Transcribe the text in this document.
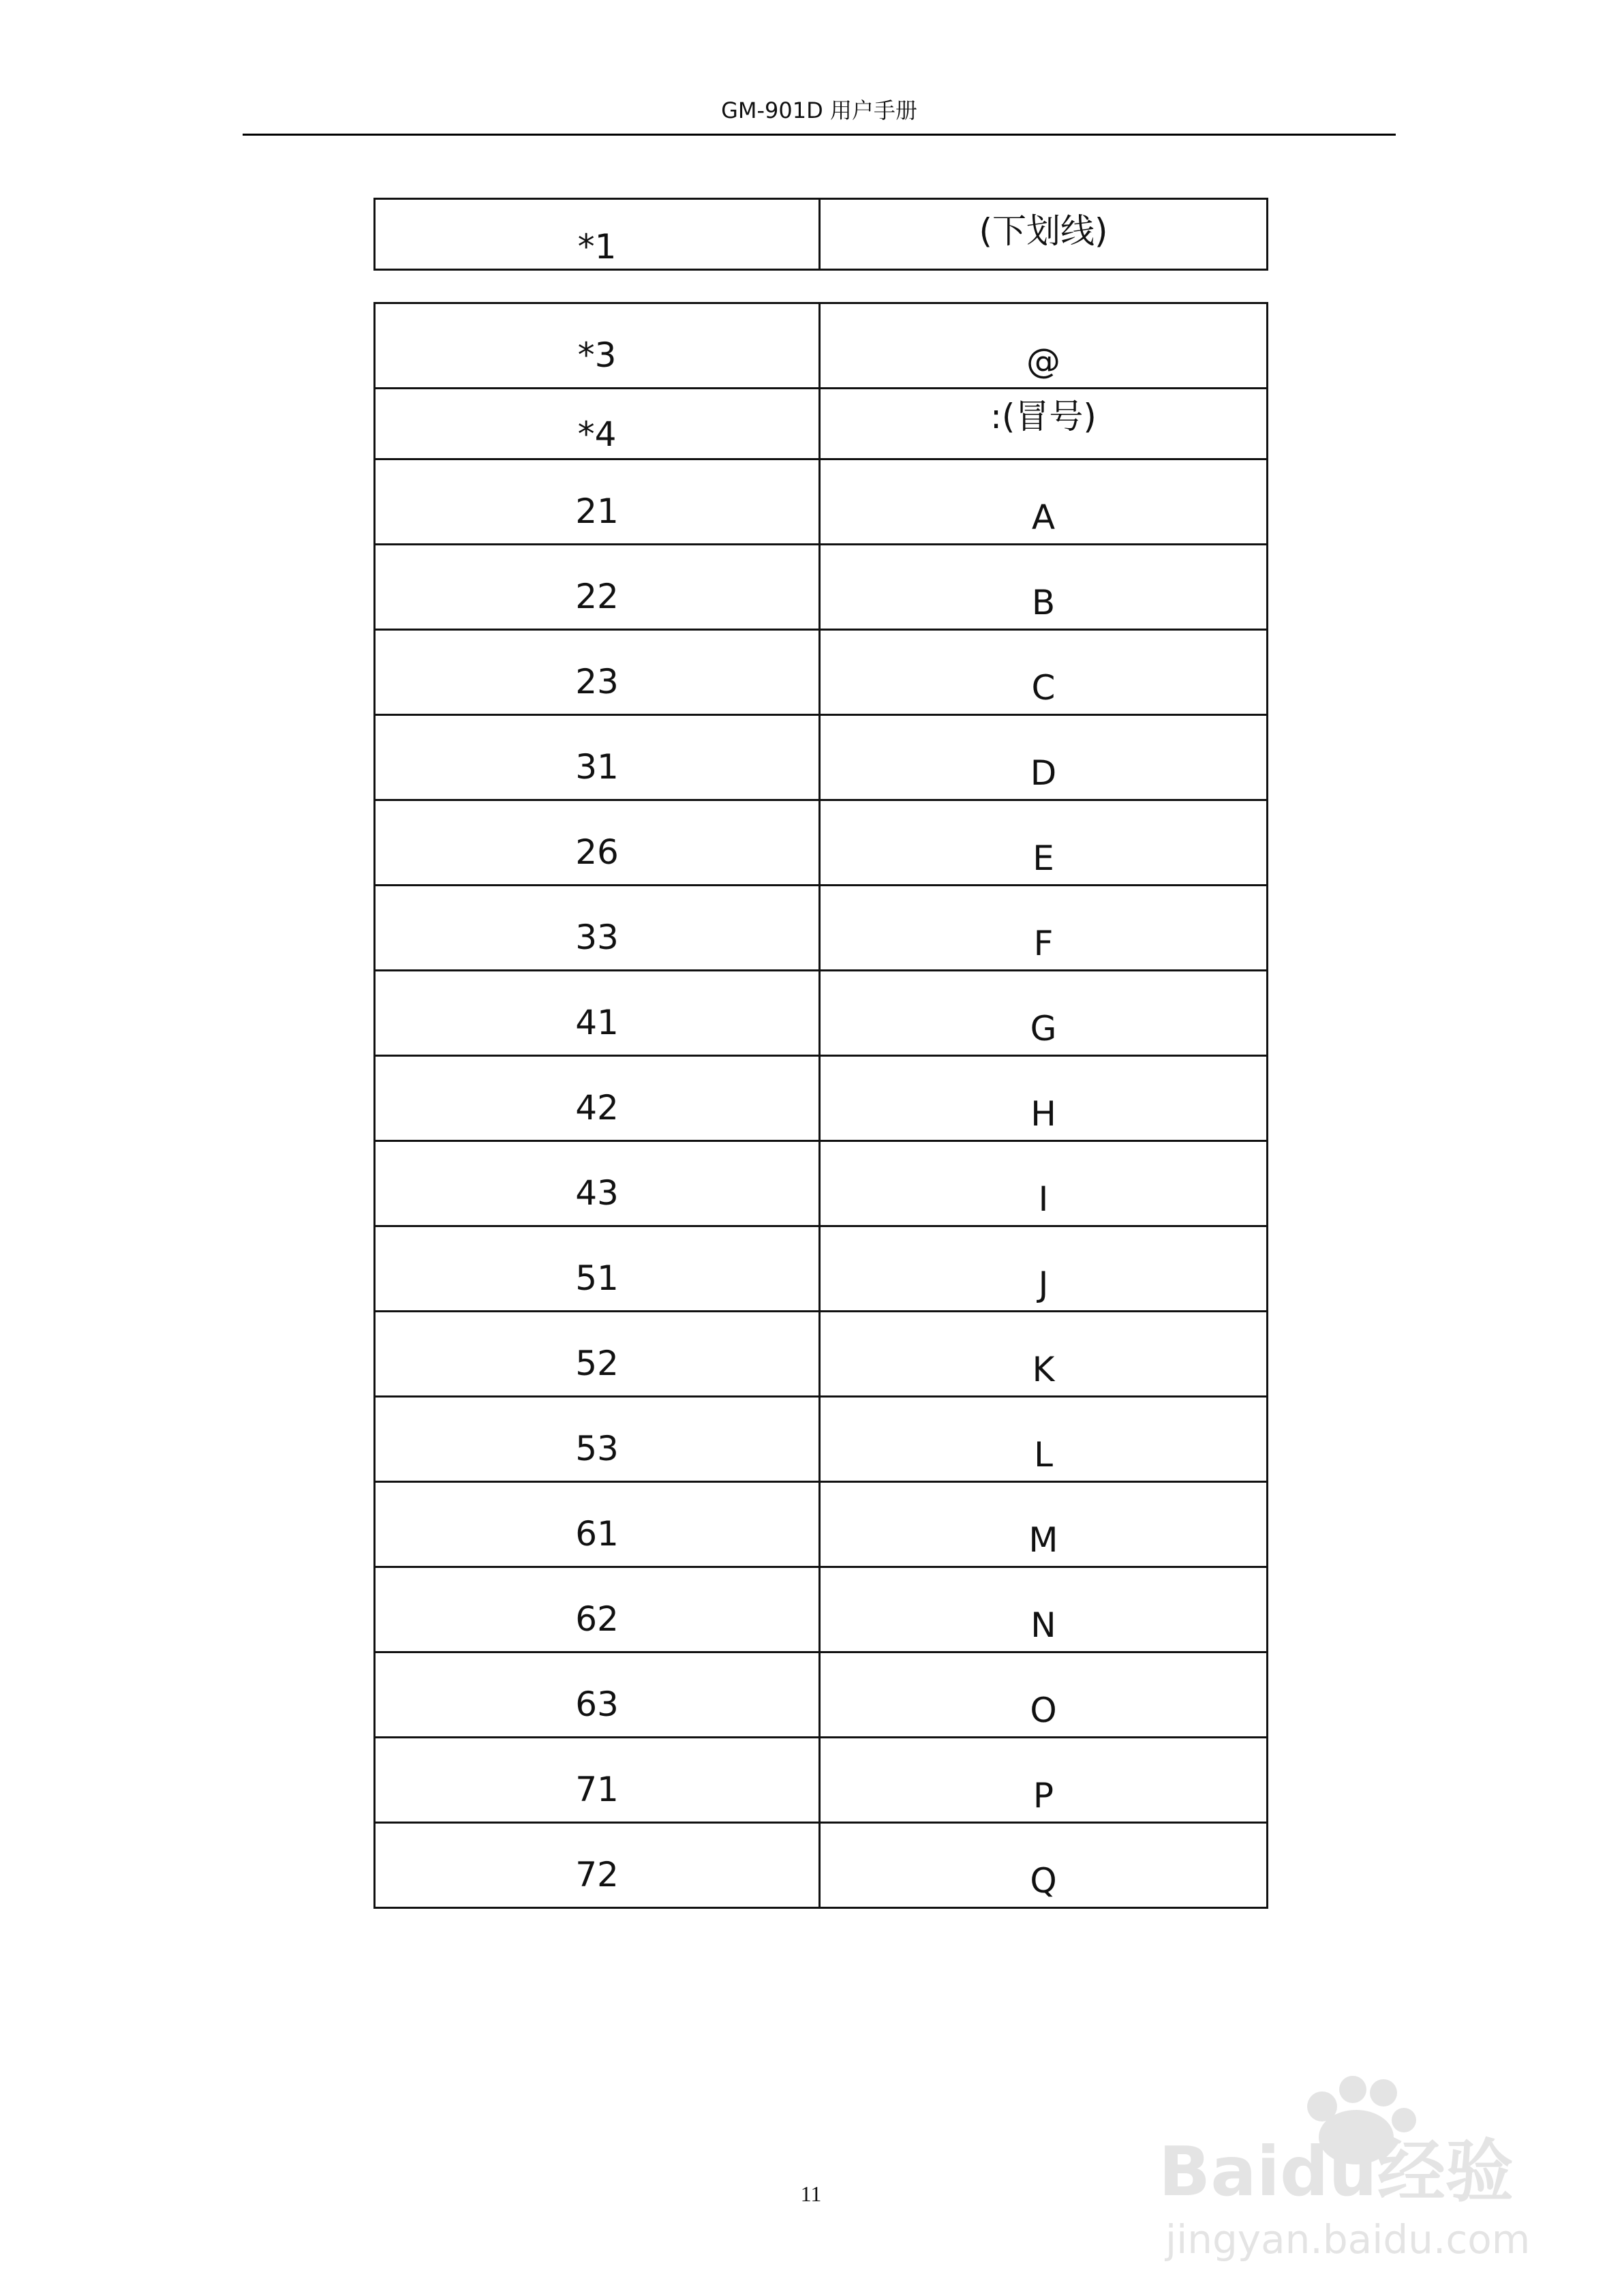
GM-901D 用户手册
*1	(下划线)
*3	@

*4	:(冒号)

21	A

22	B

23	C

31	D

26	E

33	F

41	G

42	H

43	I

51	J

52	K

53	L

61	M

62	N

63	O

71	P

72	Q
11	Baidu经验
jingyan.baidu.com
